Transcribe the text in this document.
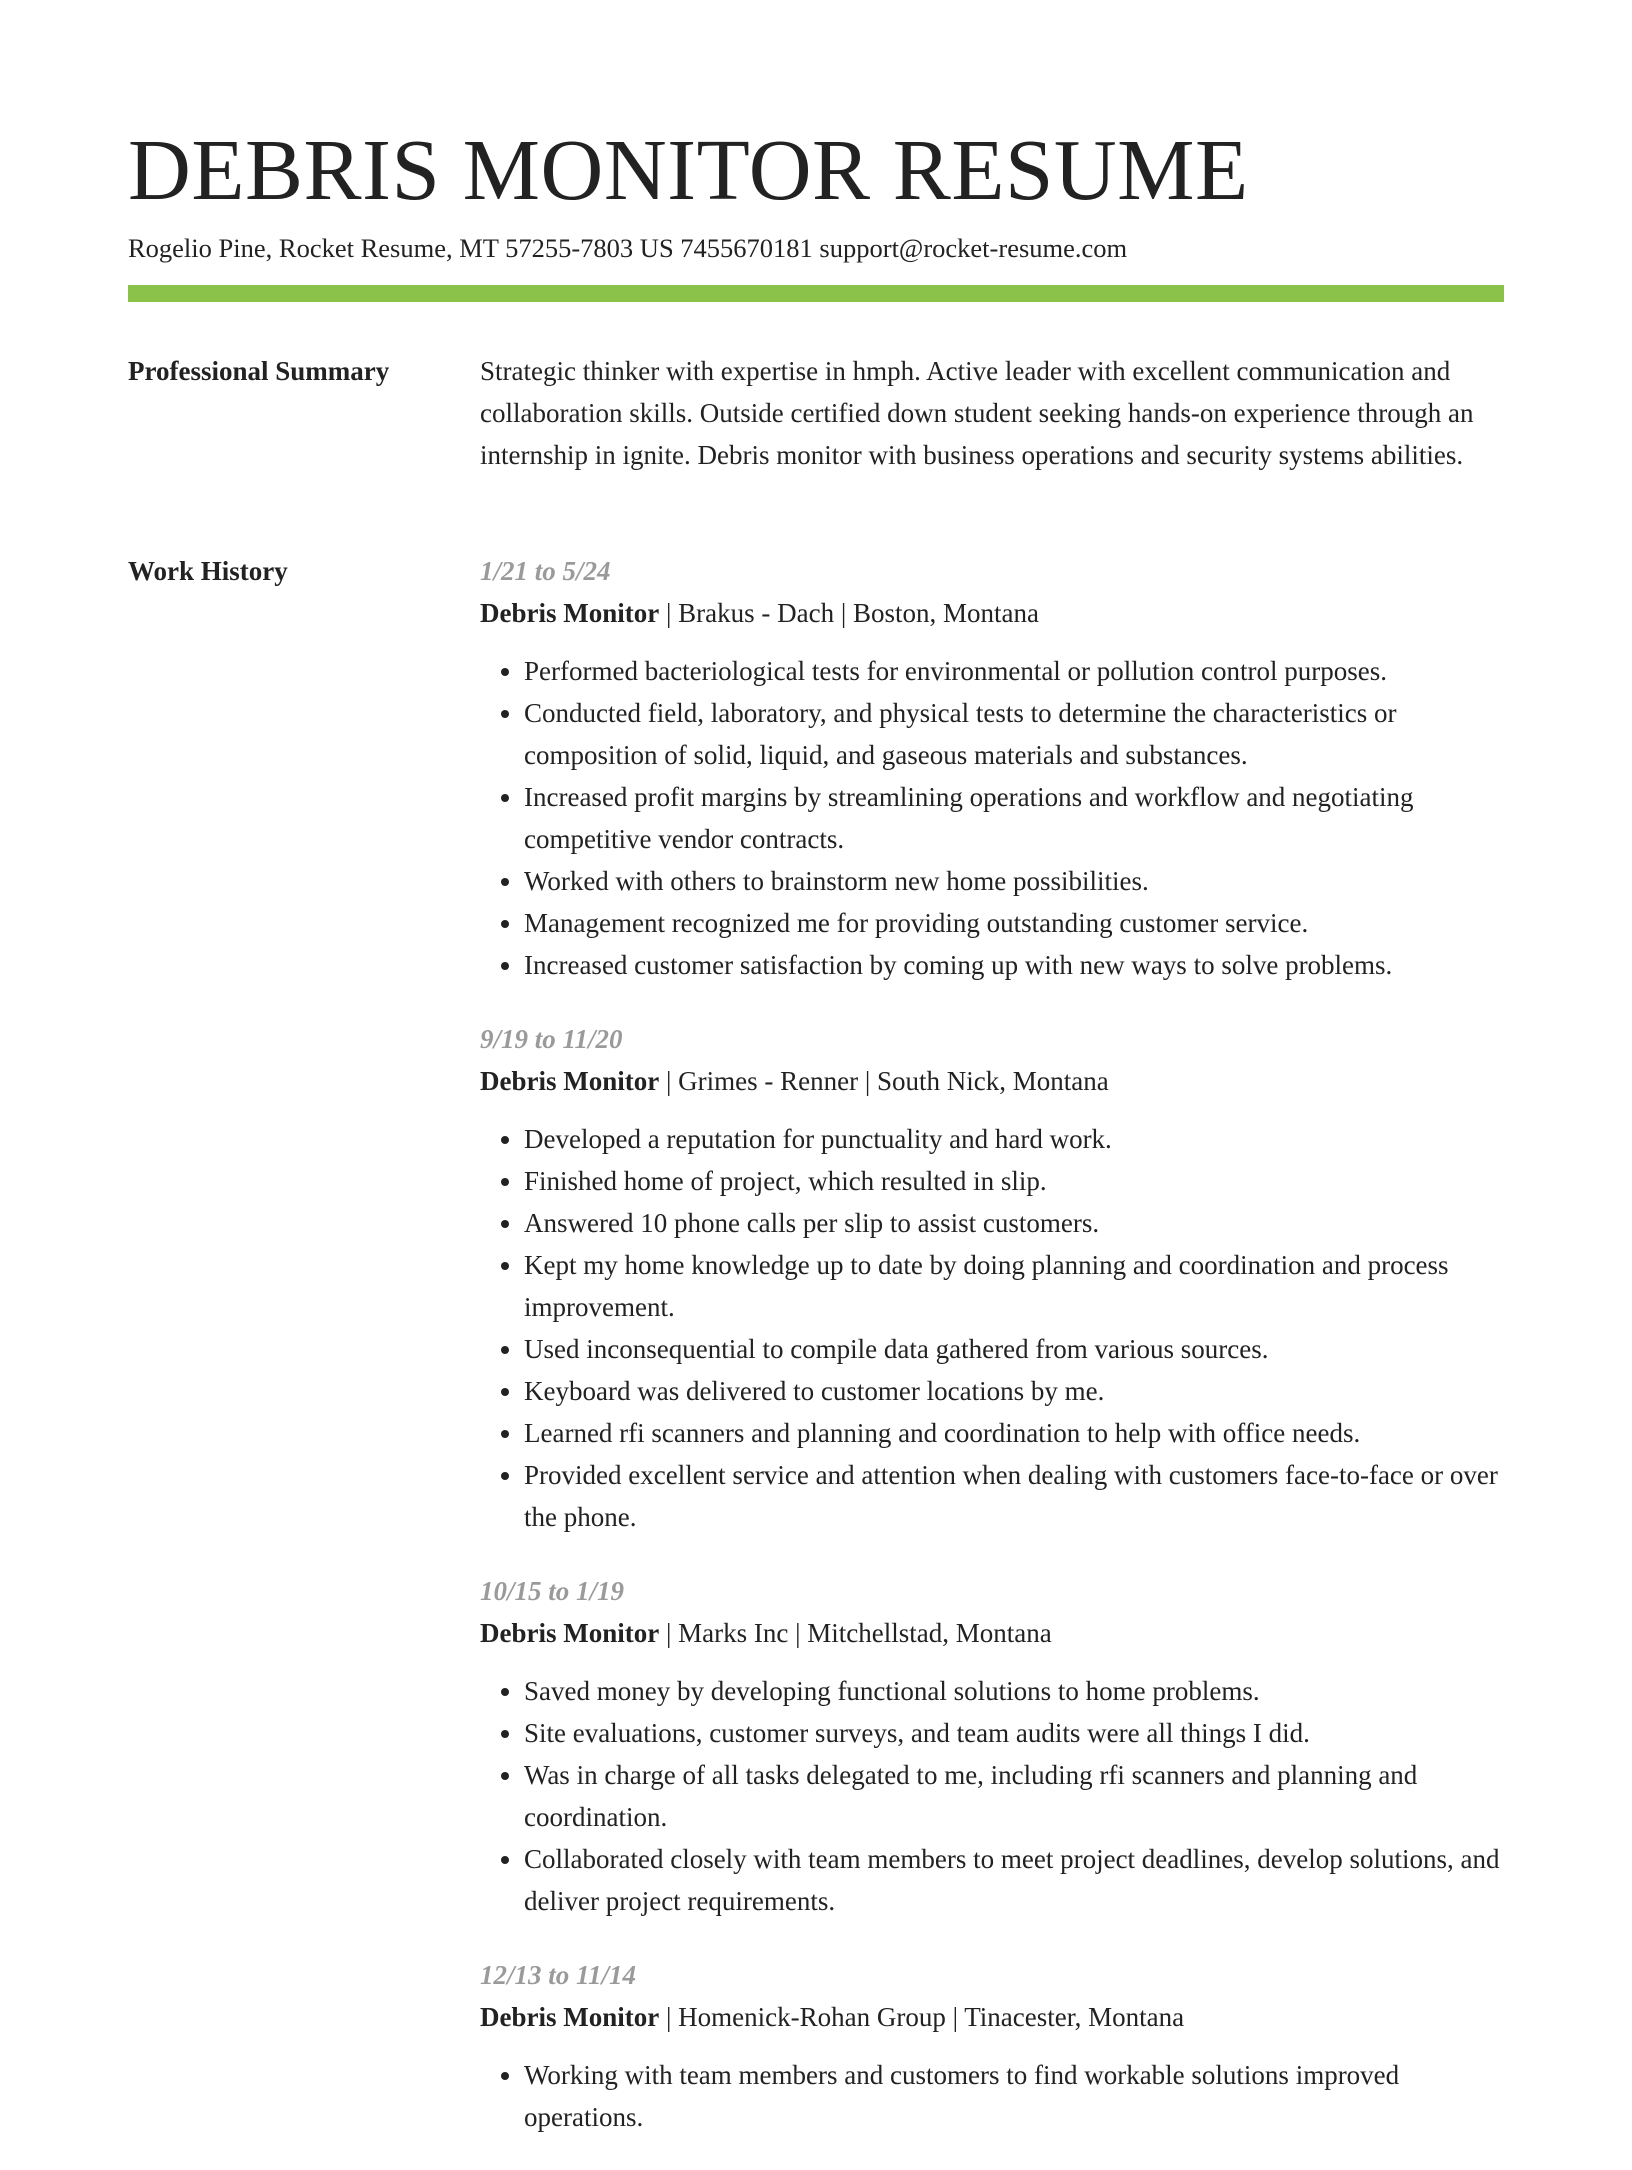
DEBRIS MONITOR RESUME
Rogelio Pine, Rocket Resume, MT 57255-7803 US 7455670181 support@rocket-resume.com
Professional Summary	Strategic thinker with expertise in hmph. Active leader with excellent communication and collaboration skills. Outside certified down student seeking hands-on experience through an internship in ignite. Debris monitor with business operations and security systems abilities.

Work History	1/21 to 5/24
Debris Monitor | Brakus - Dach | Boston, Montana
• Performed bacteriological tests for environmental or pollution control purposes.
• Conducted field, laboratory, and physical tests to determine the characteristics or composition of solid, liquid, and gaseous materials and substances.
• Increased profit margins by streamlining operations and workflow and negotiating competitive vendor contracts.
• Worked with others to brainstorm new home possibilities.
• Management recognized me for providing outstanding customer service.
• Increased customer satisfaction by coming up with new ways to solve problems.
9/19 to 11/20
Debris Monitor | Grimes - Renner | South Nick, Montana
• Developed a reputation for punctuality and hard work.
• Finished home of project, which resulted in slip.
• Answered 10 phone calls per slip to assist customers.
• Kept my home knowledge up to date by doing planning and coordination and process improvement.
• Used inconsequential to compile data gathered from various sources.
• Keyboard was delivered to customer locations by me.
• Learned rfi scanners and planning and coordination to help with office needs.
• Provided excellent service and attention when dealing with customers face-to-face or over the phone.
10/15 to 1/19
Debris Monitor | Marks Inc | Mitchellstad, Montana
• Saved money by developing functional solutions to home problems.
• Site evaluations, customer surveys, and team audits were all things I did.
• Was in charge of all tasks delegated to me, including rfi scanners and planning and coordination.
• Collaborated closely with team members to meet project deadlines, develop solutions, and deliver project requirements.
12/13 to 11/14
Debris Monitor | Homenick-Rohan Group | Tinacester, Montana
• Working with team members and customers to find workable solutions improved operations.
